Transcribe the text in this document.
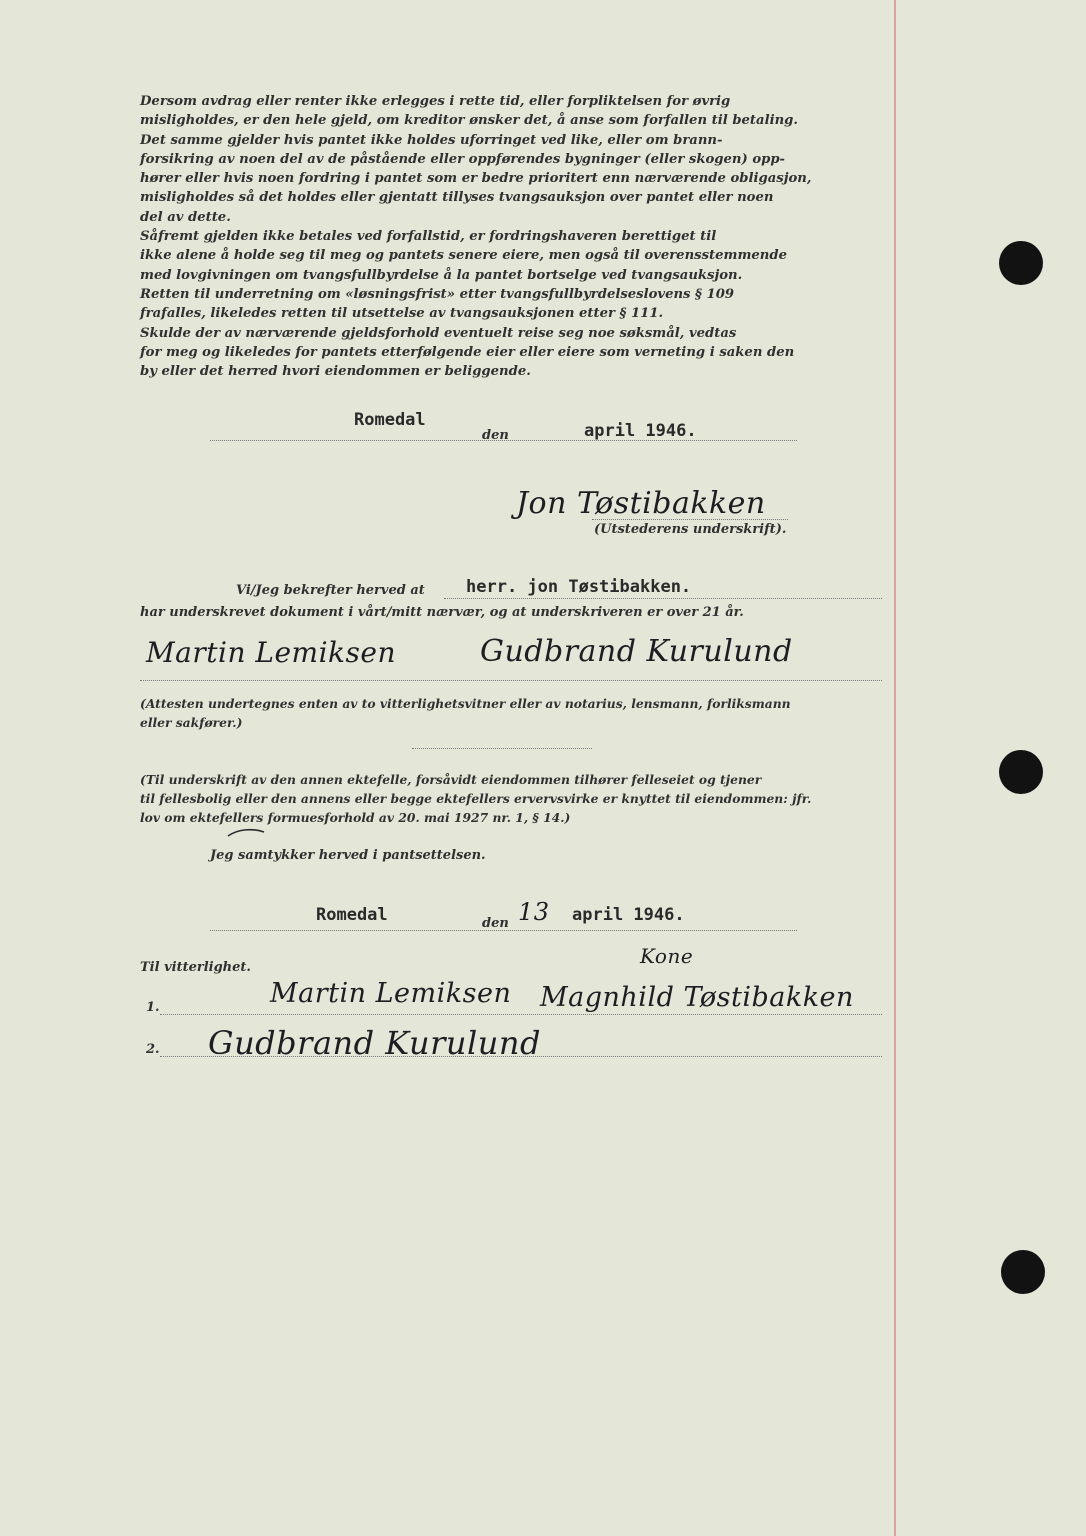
Dersom avdrag eller renter ikke erlegges i rette tid, eller forpliktelsen for øvrig
misligholdes, er den hele gjeld, om kreditor ønsker det, å anse som forfallen til betaling.
Det samme gjelder hvis pantet ikke holdes uforringet ved like, eller om brann-
forsikring av noen del av de påstående eller oppførendes bygninger (eller skogen) opp-
hører eller hvis noen fordring i pantet som er bedre prioritert enn nærværende obligasjon,
misligholdes så det holdes eller gjentatt tillyses tvangsauksjon over pantet eller noen
del av dette.
Såfremt gjelden ikke betales ved forfallstid, er fordringshaveren berettiget til
ikke alene å holde seg til meg og pantets senere eiere, men også til overensstemmende
med lovgivningen om tvangsfullbyrdelse å la pantet bortselge ved tvangsauksjon.
Retten til underretning om «løsningsfrist» etter tvangsfullbyrdelseslovens § 109
frafalles, likeledes retten til utsettelse av tvangsauksjonen etter § 111.
Skulde der av nærværende gjeldsforhold eventuelt reise seg noe søksmål, vedtas
for meg og likeledes for pantets etterfølgende eier eller eiere som verneting i saken den
by eller det herred hvori eiendommen er beliggende.
Romedal
den	april 1946.
Jon Tøstibakken
(Utstederens underskrift).
Vi/Jeg bekrefter herved at herr. jon Tøstibakken.
har underskrevet dokument i vårt/mitt nærvær, og at underskriveren er over 21 år.
Martin Lemiksen	Gudbrand Kurulund
(Attesten undertegnes enten av to vitterlighetsvitner eller av notarius, lensmann, forliksmann
eller sakfører.)
(Til underskrift av den annen ektefelle, forsåvidt eiendommen tilhører felleseiet og tjener
til fellesbolig eller den annens eller begge ektefellers ervervsvirke er knyttet til eiendommen: jfr.
lov om ektefellers formuesforhold av 20. mai 1927 nr. 1, § 14.)
Jeg samtykker herved i pantsettelsen.
Romedal	den 13 april 1946.
Til vitterlighet.	Kone
1.	Martin Lemiksen Magnhild Tøstibakken
2. Gudbrand Kurulund
